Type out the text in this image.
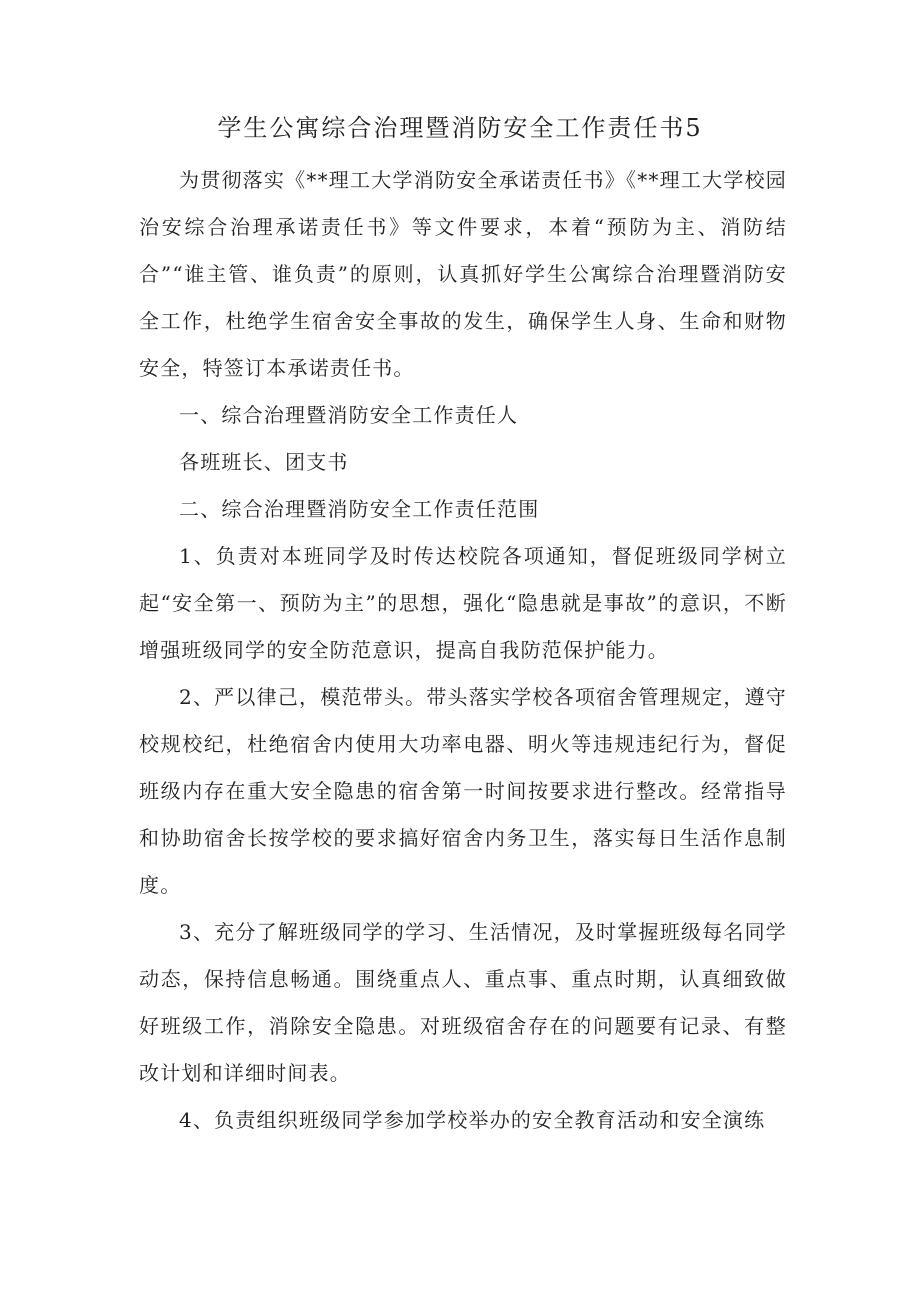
学生公寓综合治理暨消防安全工作责任书5

为贯彻落实《**理工大学消防安全承诺责任书》《**理工大学校园治安综合治理承诺责任书》等文件要求，本着“预防为主、消防结合”“谁主管、谁负责”的原则，认真抓好学生公寓综合治理暨消防安全工作，杜绝学生宿舍安全事故的发生，确保学生人身、生命和财物安全，特签订本承诺责任书。

一、综合治理暨消防安全工作责任人

各班班长、团支书

二、综合治理暨消防安全工作责任范围

1、负责对本班同学及时传达校院各项通知，督促班级同学树立起“安全第一、预防为主”的思想，强化“隐患就是事故”的意识，不断增强班级同学的安全防范意识，提高自我防范保护能力。

2、严以律己，模范带头。带头落实学校各项宿舍管理规定，遵守校规校纪，杜绝宿舍内使用大功率电器、明火等违规违纪行为，督促班级内存在重大安全隐患的宿舍第一时间按要求进行整改。经常指导和协助宿舍长按学校的要求搞好宿舍内务卫生，落实每日生活作息制度。

3、充分了解班级同学的学习、生活情况，及时掌握班级每名同学动态，保持信息畅通。围绕重点人、重点事、重点时期，认真细致做好班级工作，消除安全隐患。对班级宿舍存在的问题要有记录、有整改计划和详细时间表。

4、负责组织班级同学参加学校举办的安全教育活动和安全演练
